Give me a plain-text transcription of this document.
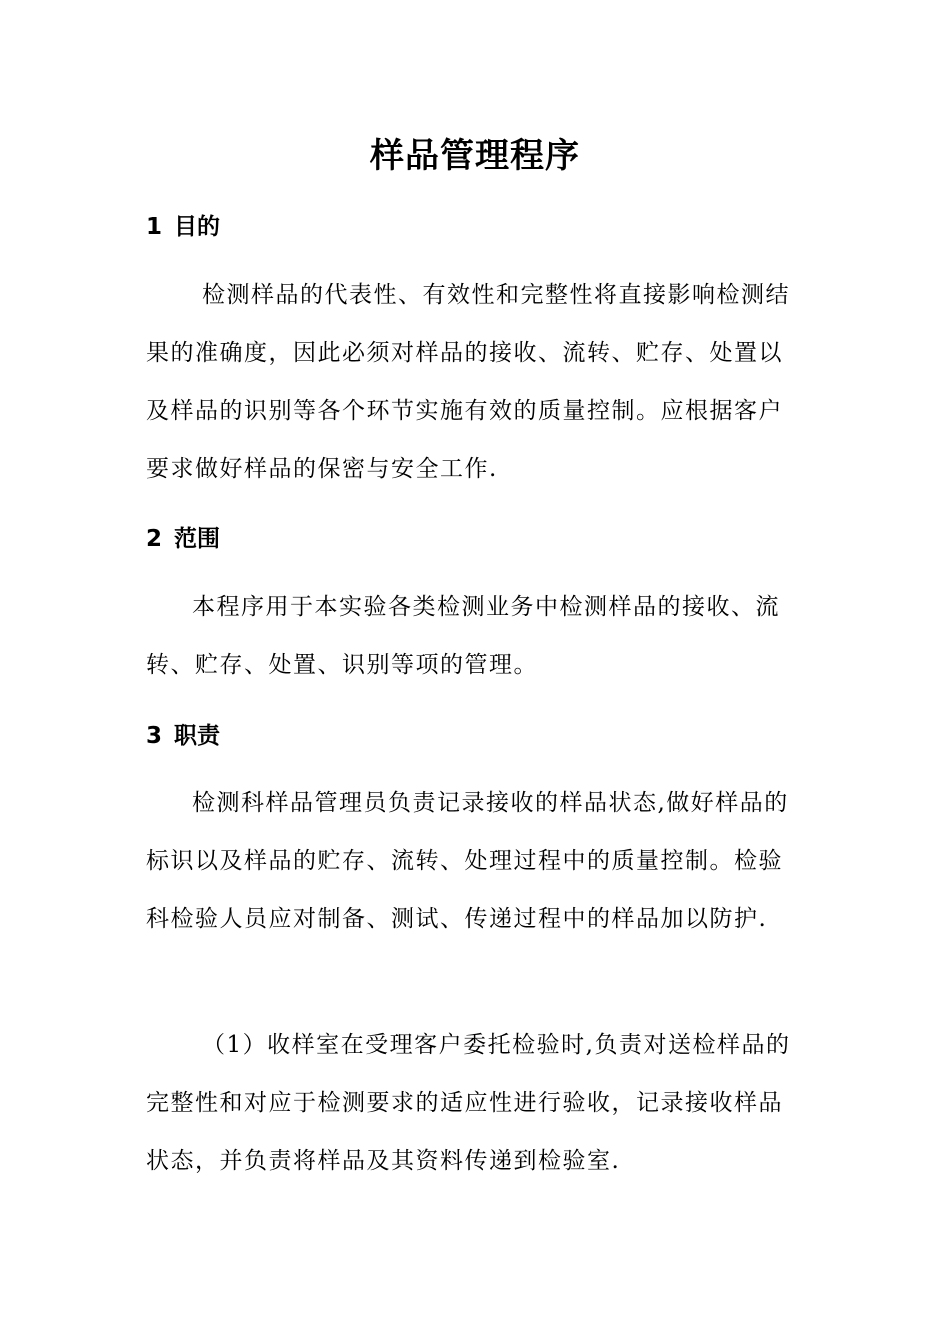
样品管理程序
1 目的
检测样品的代表性、有效性和完整性将直接影响检测结果的准确度，因此必须对样品的接收、流转、贮存、处置以及样品的识别等各个环节实施有效的质量控制。应根据客户要求做好样品的保密与安全工作.
2 范围
本程序用于本实验各类检测业务中检测样品的接收、流转、贮存、处置、识别等项的管理。
3 职责
检测科样品管理员负责记录接收的样品状态,做好样品的标识以及样品的贮存、流转、处理过程中的质量控制。检验科检验人员应对制备、测试、传递过程中的样品加以防护.
（1）收样室在受理客户委托检验时,负责对送检样品的完整性和对应于检测要求的适应性进行验收，记录接收样品状态，并负责将样品及其资料传递到检验室.
